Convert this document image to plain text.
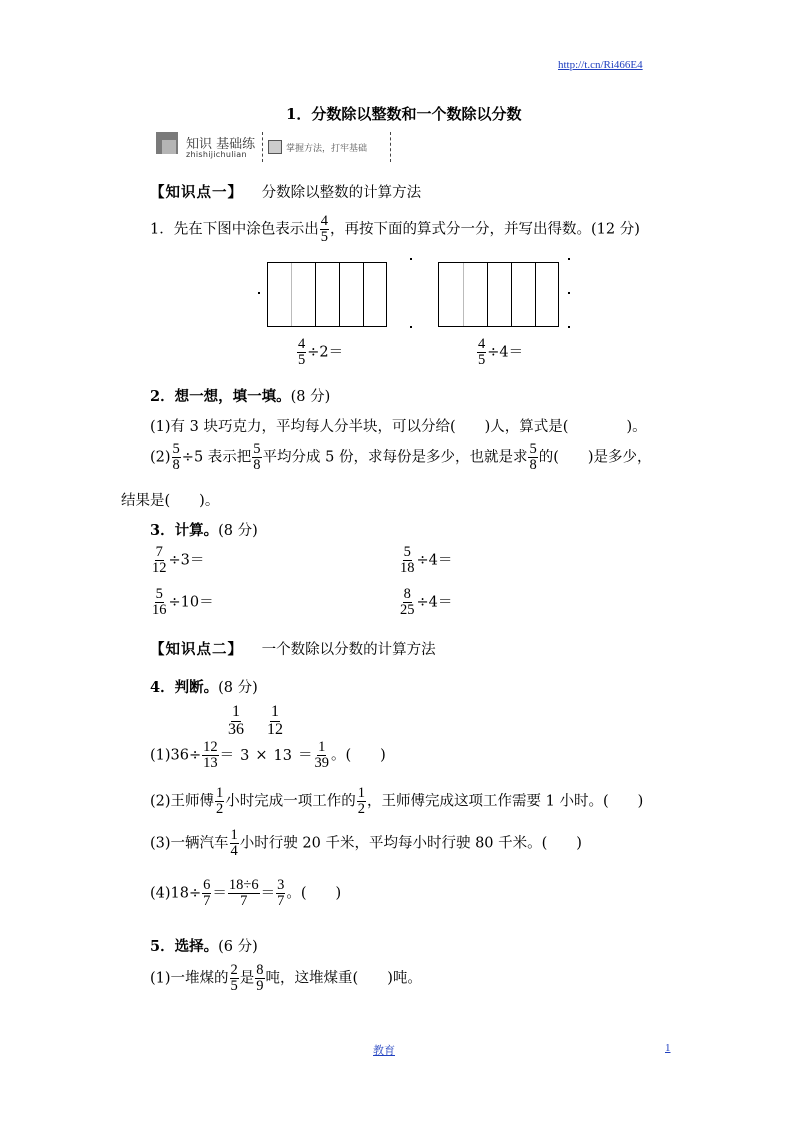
http://t.cn/Ri466E4
1．分数除以整数和一个数除以分数
知识 基础练
zhishijichulian
掌握方法，打牢基础
【知识点一】 分数除以整数的计算方法
1．先在下图中涂色表示出 $\frac{4}{5}$ ，再按下面的算式分一分，并写出得数。(12 分)
$\frac{4}{5} \div 2=$	$\frac{4}{5} \div 4=$
2．想一想，填一填。(8 分)
(1)有 3 块巧克力，平均每人分半块，可以分给(　　)人，算式是(　　　　)。
$(2) \frac{5}{8} \div 5$ 表示把 $\frac{5}{8}$ 平均分成 5 份，求每份是多少，也就是求 $\frac{5}{8}$ 的(　　)是多少，
结果是(　　)。
3．计算。(8 分)
$\frac{7}{12} \div 3=$	$\frac{5}{18} \div 4=$
$\frac{5}{16} \div 10=$	$\frac{8}{25} \div 4=$
【知识点二】 一个数除以分数的计算方法
4．判断。(8 分)
$\frac{1}{36} \frac{1}{12}$
$(1)36\div \frac{12}{13} = 3 \times 13 = \frac{1}{39}$ 。(　　)
(2)王师傅 $\frac{1}{2}$ 小时完成一项工作的 $\frac{1}{2}$ ，王师傅完成这项工作需要 1 小时。(　　)
(3)一辆汽车 $\frac{1}{4}$ 小时行驶 20 千米，平均每小时行驶 80 千米。(　　)
$(4)18\div \frac{6}{7} = \frac{18\div 6}{7} = \frac{3}{7}$ 。(　　)
5．选择。(6 分)
(1)一堆煤的 $\frac{2}{5}$ 是 $\frac{8}{9}$ 吨，这堆煤重(　　)吨。
教育	1
